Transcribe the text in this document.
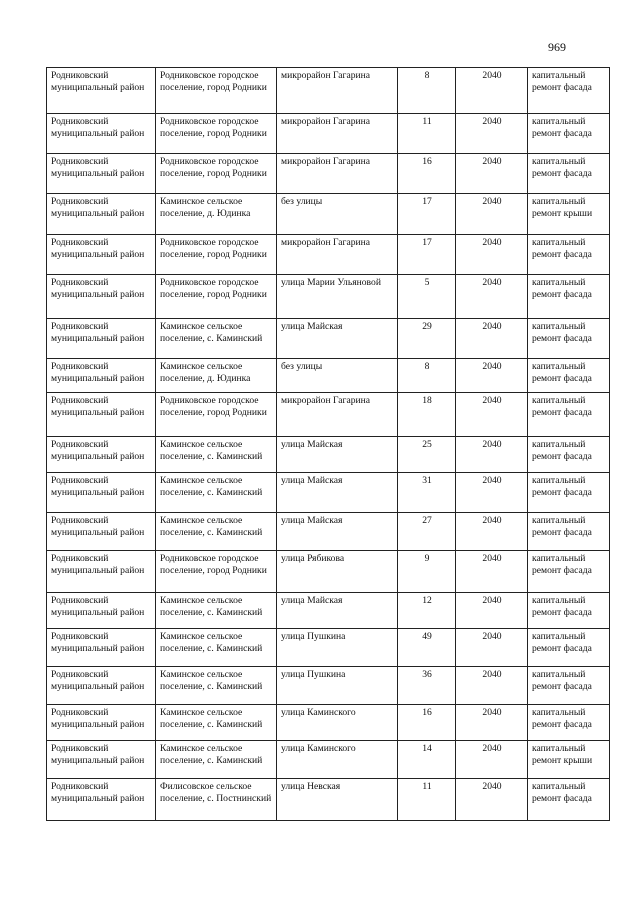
969
Родниковский муниципальный район	Родниковское городское поселение, город Родники	микрорайон Гагарина	8	2040	капитальный ремонт фасада
Родниковский муниципальный район	Родниковское городское поселение, город Родники	микрорайон Гагарина	11	2040	капитальный ремонт фасада
Родниковский муниципальный район	Родниковское городское поселение, город Родники	микрорайон Гагарина	16	2040	капитальный ремонт фасада
Родниковский муниципальный район	Каминское сельское поселение, д. Юдинка	без улицы	17	2040	капитальный ремонт крыши
Родниковский муниципальный район	Родниковское городское поселение, город Родники	микрорайон Гагарина	17	2040	капитальный ремонт фасада
Родниковский муниципальный район	Родниковское городское поселение, город Родники	улица Марии Ульяновой	5	2040	капитальный ремонт фасада
Родниковский муниципальный район	Каминское сельское поселение, с. Каминский	улица Майская	29	2040	капитальный ремонт фасада
Родниковский муниципальный район	Каминское сельское поселение, д. Юдинка	без улицы	8	2040	капитальный ремонт фасада
Родниковский муниципальный район	Родниковское городское поселение, город Родники	микрорайон Гагарина	18	2040	капитальный ремонт фасада
Родниковский муниципальный район	Каминское сельское поселение, с. Каминский	улица Майская	25	2040	капитальный ремонт фасада
Родниковский муниципальный район	Каминское сельское поселение, с. Каминский	улица Майская	31	2040	капитальный ремонт фасада
Родниковский муниципальный район	Каминское сельское поселение, с. Каминский	улица Майская	27	2040	капитальный ремонт фасада
Родниковский муниципальный район	Родниковское городское поселение, город Родники	улица Рябикова	9	2040	капитальный ремонт фасада
Родниковский муниципальный район	Каминское сельское поселение, с. Каминский	улица Майская	12	2040	капитальный ремонт фасада
Родниковский муниципальный район	Каминское сельское поселение, с. Каминский	улица Пушкина	49	2040	капитальный ремонт фасада
Родниковский муниципальный район	Каминское сельское поселение, с. Каминский	улица Пушкина	36	2040	капитальный ремонт фасада
Родниковский муниципальный район	Каминское сельское поселение, с. Каминский	улица Каминского	16	2040	капитальный ремонт фасада
Родниковский муниципальный район	Каминское сельское поселение, с. Каминский	улица Каминского	14	2040	капитальный ремонт крыши
Родниковский муниципальный район	Филисовское сельское поселение, с. Постнинский	улица Невская	11	2040	капитальный ремонт фасада
